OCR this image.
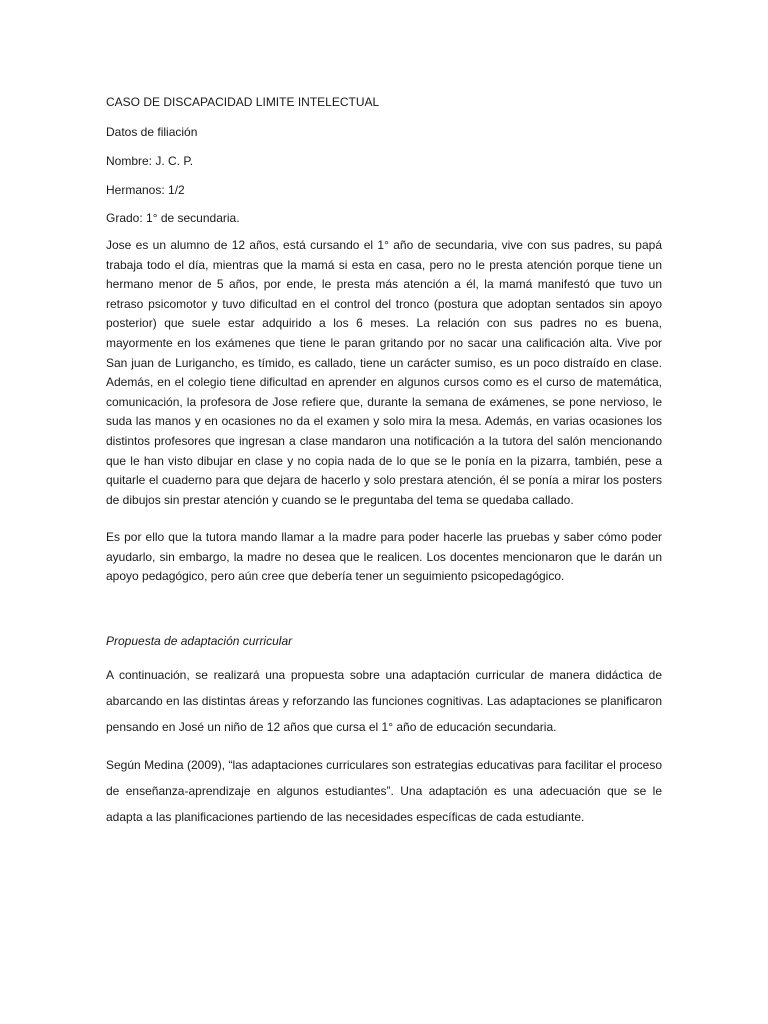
CASO DE DISCAPACIDAD LIMITE INTELECTUAL
Datos de filiación
Nombre: J. C. P.
Hermanos: 1/2
Grado: 1° de secundaria.

Jose es un alumno de 12 años, está cursando el 1° año de secundaria, vive con sus padres, su papá trabaja todo el día, mientras que la mamá si esta en casa, pero no le presta atención porque tiene un hermano menor de 5 años, por ende, le presta más atención a él, la mamá manifestó que tuvo un retraso psicomotor y tuvo dificultad en el control del tronco (postura que adoptan sentados sin apoyo posterior) que suele estar adquirido a los 6 meses. La relación con sus padres no es buena, mayormente en los exámenes que tiene le paran gritando por no sacar una calificación alta. Vive por San juan de Lurigancho, es tímido, es callado, tiene un carácter sumiso, es un poco distraído en clase. Además, en el colegio tiene dificultad en aprender en algunos cursos como es el curso de matemática, comunicación, la profesora de Jose refiere que, durante la semana de exámenes, se pone nervioso, le suda las manos y en ocasiones no da el examen y solo mira la mesa. Además, en varias ocasiones los distintos profesores que ingresan a clase mandaron una notificación a la tutora del salón mencionando que le han visto dibujar en clase y no copia nada de lo que se le ponía en la pizarra, también, pese a quitarle el cuaderno para que dejara de hacerlo y solo prestara atención, él se ponía a mirar los posters de dibujos sin prestar atención y cuando se le preguntaba del tema se quedaba callado.

Es por ello que la tutora mando llamar a la madre para poder hacerle las pruebas y saber cómo poder ayudarlo, sin embargo, la madre no desea que le realicen. Los docentes mencionaron que le darán un apoyo pedagógico, pero aún cree que debería tener un seguimiento psicopedagógico.

Propuesta de adaptación curricular

A continuación, se realizará una propuesta sobre una adaptación curricular de manera didáctica de abarcando en las distintas áreas y reforzando las funciones cognitivas. Las adaptaciones se planificaron pensando en José un niño de 12 años que cursa el 1° año de educación secundaria.

Según Medina (2009), “las adaptaciones curriculares son estrategias educativas para facilitar el proceso de enseñanza-aprendizaje en algunos estudiantes”. Una adaptación es una adecuación que se le adapta a las planificaciones partiendo de las necesidades específicas de cada estudiante.
